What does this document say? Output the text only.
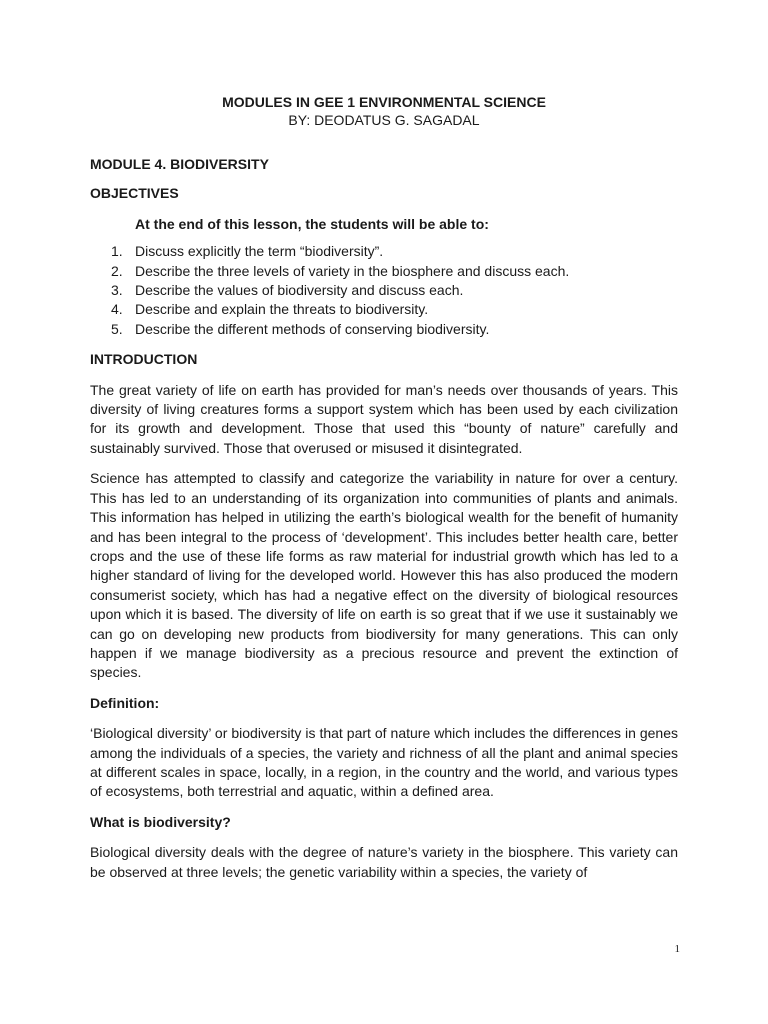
MODULES IN GEE 1 ENVIRONMENTAL SCIENCE
BY: DEODATUS G. SAGADAL
MODULE 4. BIODIVERSITY
OBJECTIVES
At the end of this lesson, the students will be able to:
1. Discuss explicitly the term “biodiversity”.
2. Describe the three levels of variety in the biosphere and discuss each.
3. Describe the values of biodiversity and discuss each.
4. Describe and explain the threats to biodiversity.
5. Describe the different methods of conserving biodiversity.
INTRODUCTION

The great variety of life on earth has provided for man’s needs over thousands of years. This diversity of living creatures forms a support system which has been used by each civilization for its growth and development. Those that used this “bounty of nature” carefully and sustainably survived. Those that overused or misused it disintegrated.

Science has attempted to classify and categorize the variability in nature for over a century. This has led to an understanding of its organization into communities of plants and animals. This information has helped in utilizing the earth’s biological wealth for the benefit of humanity and has been integral to the process of ‘development’. This includes better health care, better crops and the use of these life forms as raw material for industrial growth which has led to a higher standard of living for the developed world. However this has also produced the modern consumerist society, which has had a negative effect on the diversity of biological resources upon which it is based. The diversity of life on earth is so great that if we use it sustainably we can go on developing new products from biodiversity for many generations. This can only happen if we manage biodiversity as a precious resource and prevent the extinction of species.

Definition:

‘Biological diversity’ or biodiversity is that part of nature which includes the differences in genes among the individuals of a species, the variety and richness of all the plant and animal species at different scales in space, locally, in a region, in the country and the world, and various types of ecosystems, both terrestrial and aquatic, within a defined area.

What is biodiversity?

Biological diversity deals with the degree of nature’s variety in the biosphere. This variety can be observed at three levels; the genetic variability within a species, the variety of

1
